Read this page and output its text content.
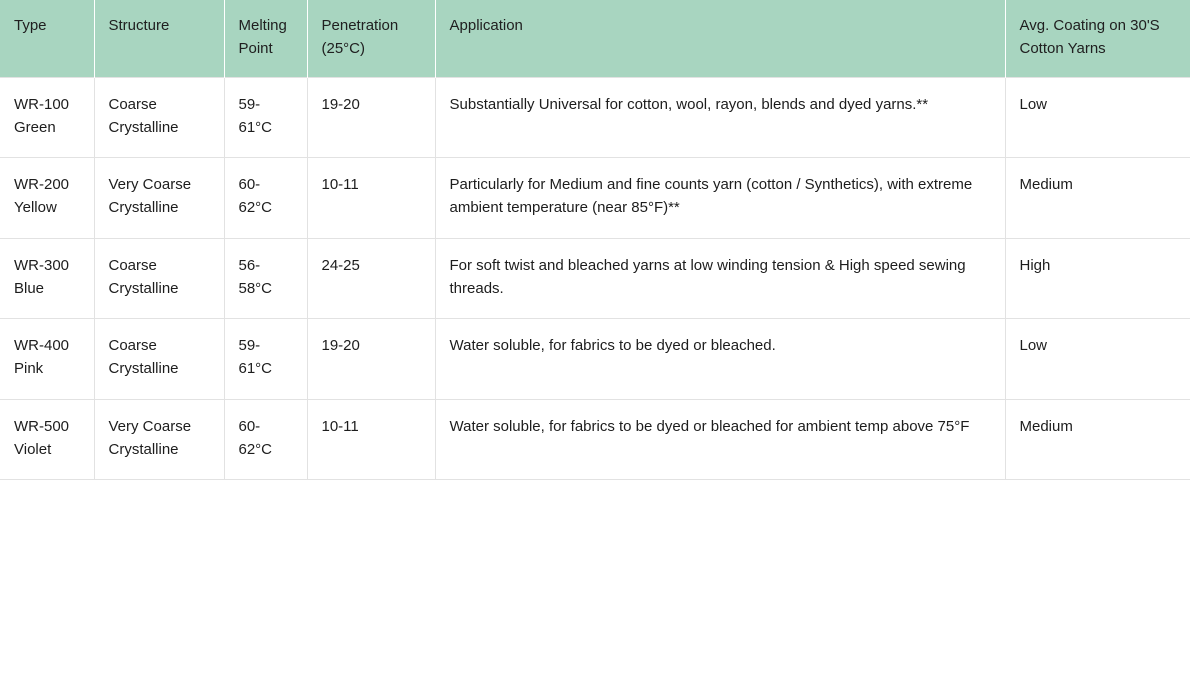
Type	Structure	Melting Point	Penetration (25°C)	Application	Avg. Coating on 30'S Cotton Yarns
WR-100 Green	Coarse Crystalline	59-61°C	19-20	Substantially Universal for cotton, wool, rayon, blends and dyed yarns.**	Low
WR-200 Yellow	Very Coarse Crystalline	60-62°C	10-11	Particularly for Medium and fine counts yarn (cotton / Synthetics), with extreme ambient temperature (near 85°F)**	Medium
WR-300 Blue	Coarse Crystalline	56-58°C	24-25	For soft twist and bleached yarns at low winding tension & High speed sewing threads.	High
WR-400 Pink	Coarse Crystalline	59-61°C	19-20	Water soluble, for fabrics to be dyed or bleached.	Low
WR-500 Violet	Very Coarse Crystalline	60-62°C	10-11	Water soluble, for fabrics to be dyed or bleached for ambient temp above 75°F	Medium
